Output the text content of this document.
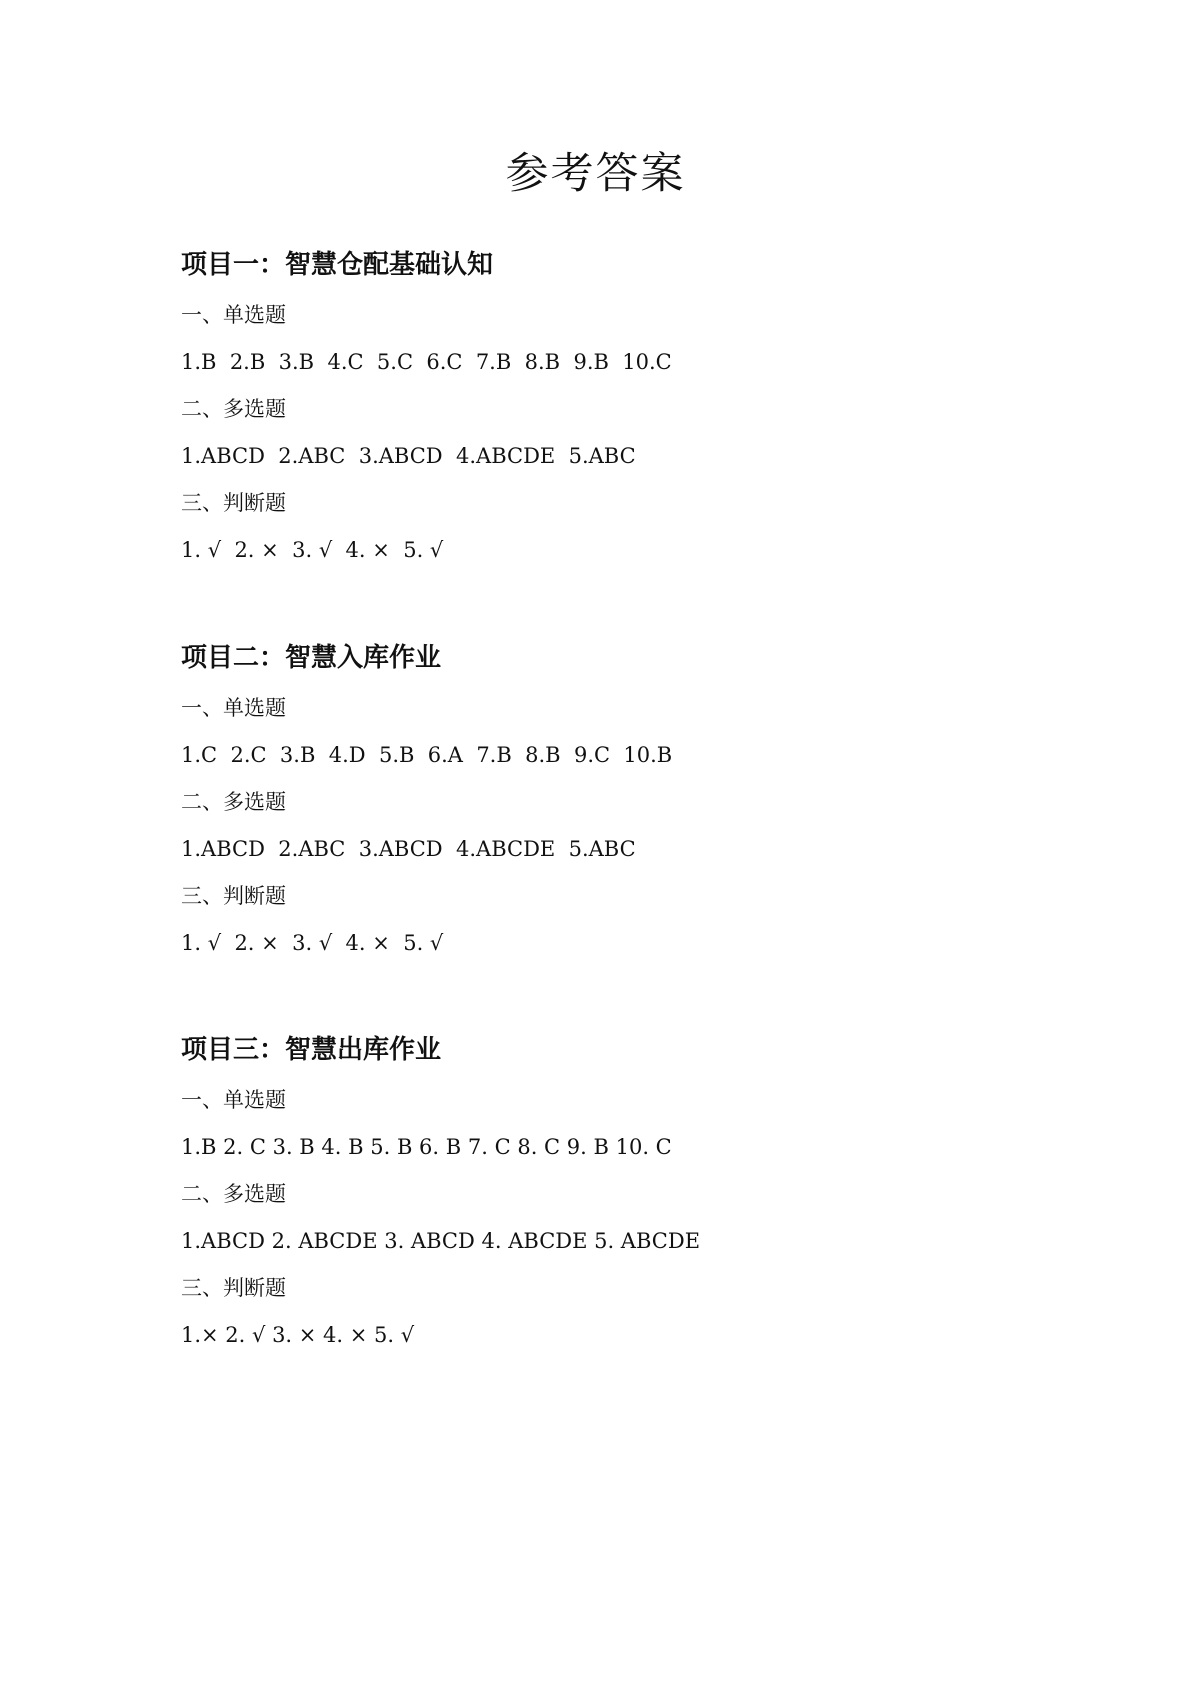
参考答案
项目一：智慧仓配基础认知
一、单选题
1.B  2.B  3.B  4.C  5.C  6.C  7.B  8.B  9.B  10.C
二、多选题
1.ABCD  2.ABC  3.ABCD  4.ABCDE  5.ABC
三、判断题
1. √  2. ×  3. √  4. ×  5. √
项目二：智慧入库作业
一、单选题
1.C  2.C  3.B  4.D  5.B  6.A  7.B  8.B  9.C  10.B
二、多选题
1.ABCD  2.ABC  3.ABCD  4.ABCDE  5.ABC
三、判断题
1. √  2. ×  3. √  4. ×  5. √
项目三：智慧出库作业
一、单选题
1.B 2. C 3. B 4. B 5. B 6. B 7. C 8. C 9. B 10. C
二、多选题
1.ABCD 2. ABCDE 3. ABCD 4. ABCDE 5. ABCDE
三、判断题
1.× 2. √ 3. × 4. × 5. √
